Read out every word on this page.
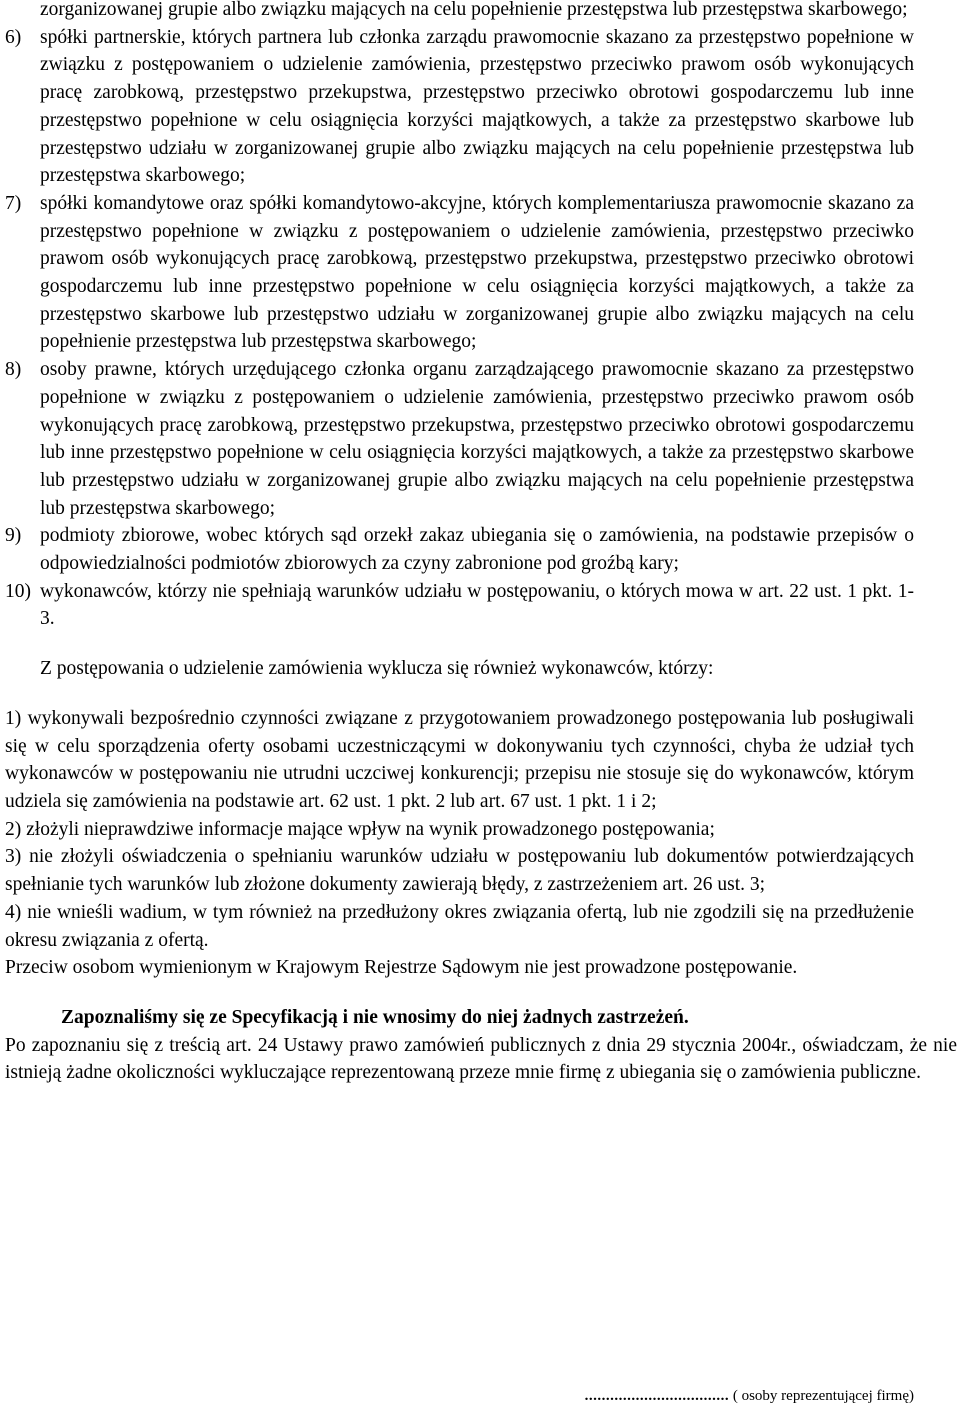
zorganizowanej grupie albo związku mających na celu popełnienie przestępstwa lub przestępstwa skarbowego;

6) spółki partnerskie, których partnera lub członka zarządu prawomocnie skazano za przestępstwo popełnione w związku z postępowaniem o udzielenie zamówienia, przestępstwo przeciwko prawom osób wykonujących pracę zarobkową, przestępstwo przekupstwa, przestępstwo przeciwko obrotowi gospodarczemu lub inne przestępstwo popełnione w celu osiągnięcia korzyści majątkowych, a także za przestępstwo skarbowe lub przestępstwo udziału w zorganizowanej grupie albo związku mających na celu popełnienie przestępstwa lub przestępstwa skarbowego;
7) spółki komandytowe oraz spółki komandytowo-akcyjne, których komplementariusza prawomocnie skazano za przestępstwo popełnione w związku z postępowaniem o udzielenie zamówienia, przestępstwo przeciwko prawom osób wykonujących pracę zarobkową, przestępstwo przekupstwa, przestępstwo przeciwko obrotowi gospodarczemu lub inne przestępstwo popełnione w celu osiągnięcia korzyści majątkowych, a także za przestępstwo skarbowe lub przestępstwo udziału w zorganizowanej grupie albo związku mających na celu popełnienie przestępstwa lub przestępstwa skarbowego;
8) osoby prawne, których urzędującego członka organu zarządzającego prawomocnie skazano za przestępstwo popełnione w związku z postępowaniem o udzielenie zamówienia, przestępstwo przeciwko prawom osób wykonujących pracę zarobkową, przestępstwo przekupstwa, przestępstwo przeciwko obrotowi gospodarczemu lub inne przestępstwo popełnione w celu osiągnięcia korzyści majątkowych, a także za przestępstwo skarbowe lub przestępstwo udziału w zorganizowanej grupie albo związku mających na celu popełnienie przestępstwa lub przestępstwa skarbowego;
9) podmioty zbiorowe, wobec których sąd orzekł zakaz ubiegania się o zamówienia, na podstawie przepisów o odpowiedzialności podmiotów zbiorowych za czyny zabronione pod groźbą kary;
10) wykonawców, którzy nie spełniają warunków udziału w postępowaniu, o których mowa w art. 22 ust. 1 pkt. 1-3.

Z postępowania o udzielenie zamówienia wyklucza się również wykonawców, którzy:

1) wykonywali bezpośrednio czynności związane z przygotowaniem prowadzonego postępowania lub posługiwali się w celu sporządzenia oferty osobami uczestniczącymi w dokonywaniu tych czynności, chyba że udział tych wykonawców w postępowaniu nie utrudni uczciwej konkurencji; przepisu nie stosuje się do wykonawców, którym udziela się zamówienia na podstawie art. 62 ust. 1 pkt. 2 lub art. 67 ust. 1 pkt. 1 i 2;

2) złożyli nieprawdziwe informacje mające wpływ na wynik prowadzonego postępowania;

3) nie złożyli oświadczenia o spełnianiu warunków udziału w postępowaniu lub dokumentów potwierdzających spełnianie tych warunków lub złożone dokumenty zawierają błędy, z zastrzeżeniem art. 26 ust. 3;

4) nie wnieśli wadium, w tym również na przedłużony okres związania ofertą, lub nie zgodzili się na przedłużenie okresu związania z ofertą.

Przeciw osobom wymienionym w Krajowym Rejestrze Sądowym nie jest prowadzone postępowanie.

Zapoznaliśmy się ze Specyfikacją i nie wnosimy do niej żadnych zastrzeżeń.

Po zapoznaniu się z treścią art. 24 Ustawy prawo zamówień publicznych z dnia 29 stycznia 2004r., oświadczam, że nie istnieją żadne okoliczności wykluczające reprezentowaną przeze mnie firmę z ubiegania się o zamówienia publiczne.

.................................. ( osoby reprezentującej firmę)
